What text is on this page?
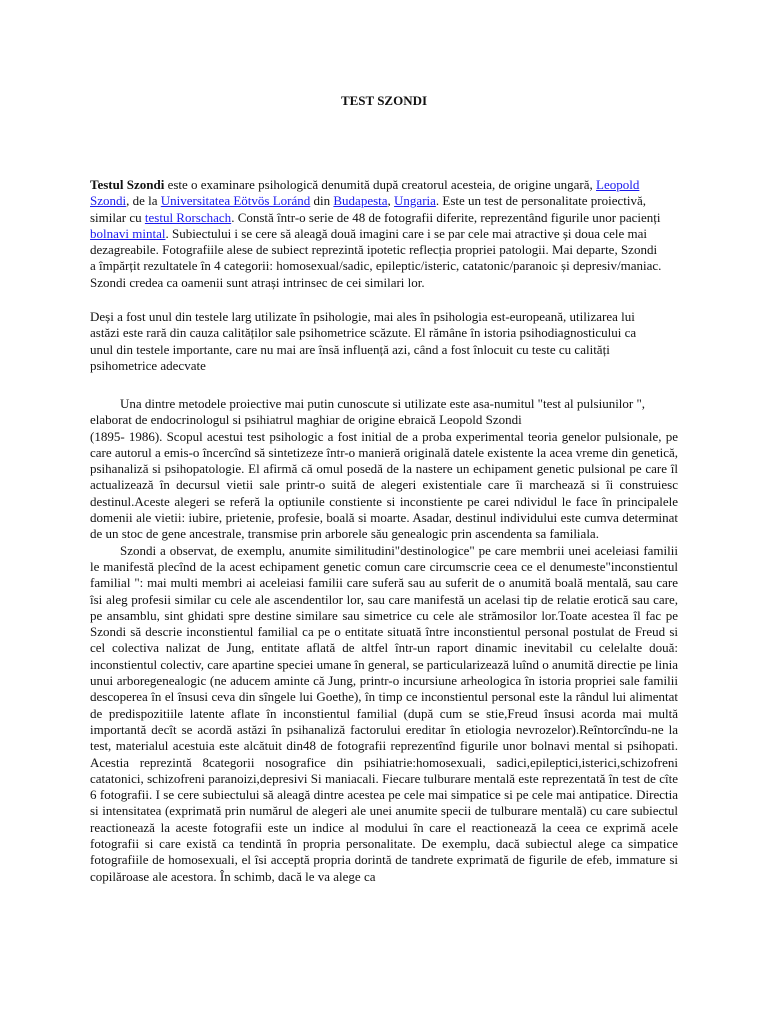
TEST SZONDI

Testul Szondi este o examinare psihologică denumită după creatorul acesteia, de origine ungară, Leopold Szondi, de la Universitatea Eötvös Loránd din Budapesta, Ungaria. Este un test de personalitate proiectivă, similar cu testul Rorschach. Constă într-o serie de 48 de fotografii diferite, reprezentând figurile unor pacienți bolnavi mintal. Subiectului i se cere să aleagă două imagini care i se par cele mai atractive și doua cele mai dezagreabile. Fotografiile alese de subiect reprezintă ipotetic reflecția propriei patologii. Mai departe, Szondi a împărțit rezultatele în 4 categorii: homosexual/sadic, epileptic/isteric, catatonic/paranoic și depresiv/maniac. Szondi credea ca oamenii sunt atrași intrinsec de cei similari lor.

Deși a fost unul din testele larg utilizate în psihologie, mai ales în psihologia est-europeană, utilizarea lui astăzi este rară din cauza calităților sale psihometrice scăzute. El rămâne în istoria psihodiagnosticului ca unul din testele importante, care nu mai are însă influență azi, când a fost înlocuit cu teste cu calități psihometrice adecvate

Una dintre metodele proiective mai putin cunoscute si utilizate este asa-numitul "test al pulsiunilor ", elaborat de endocrinologul si psihiatrul maghiar de origine ebraică Leopold Szondi

(1895- 1986). Scopul acestui test psihologic a fost initial de a proba experimental teoria genelor pulsionale, pe care autorul a emis-o încercînd să sintetizeze într-o manieră originală datele existente la acea vreme din genetică, psihanaliză si psihopatologie. El afirmă că omul posedă de la nastere un echipament genetic pulsional pe care îl actualizează în decursul vietii sale printr-o suită de alegeri existentiale care îi marchează si îi construiesc destinul.Aceste alegeri se referă la optiunile constiente si inconstiente pe carei ndividul le face în principalele domenii ale vietii: iubire, prietenie, profesie, boală si moarte. Asadar, destinul individului este cumva determinat de un stoc de gene ancestrale, transmise prin arborele său genealogic prin ascendenta sa familiala.

Szondi a observat, de exemplu, anumite similitudini"destinologice" pe care membrii unei aceleiasi familii le manifestă plecînd de la acest echipament genetic comun care circumscrie ceea ce el denumeste"inconstientul familial ": mai multi membri ai aceleiasi familii care suferă sau au suferit de o anumită boală mentală, sau care îsi aleg profesii similar cu cele ale ascendentilor lor, sau care manifestă un acelasi tip de relatie erotică sau care, pe ansamblu, sint ghidati spre destine similare sau simetrice cu cele ale strămosilor lor.Toate acestea îl fac pe Szondi să descrie inconstientul familial ca pe o entitate situată între inconstientul personal postulat de Freud si cel colectiva nalizat de Jung, entitate aflată de altfel într-un raport dinamic inevitabil cu celelalte două: inconstientul colectiv, care apartine speciei umane în general, se particularizează luînd o anumită directie pe linia unui arboregenealogic (ne aducem aminte că Jung, printr-o incursiune arheologica în istoria propriei sale familii descoperea în el însusi ceva din sîngele lui Goethe), în timp ce inconstientul personal este la rândul lui alimentat de predispozitiile latente aflate în inconstientul familial (după cum se stie,Freud însusi acorda mai multă importantă decît se acordă astăzi în psihanaliză factorului ereditar în etiologia nevrozelor).Reîntorcîndu-ne la test, materialul acestuia este alcătuit din48 de fotografii reprezentînd figurile unor bolnavi mental si psihopati. Acestia reprezintă 8categorii nosografice din psihiatrie:homosexuali, sadici,epileptici,isterici,schizofreni catatonici, schizofreni paranoizi,depresivi Si maniacali. Fiecare tulburare mentală este reprezentată în test de cîte 6 fotografii. I se cere subiectului să aleagă dintre acestea pe cele mai simpatice si pe cele mai antipatice. Directia si intensitatea (exprimată prin numărul de alegeri ale unei anumite specii de tulburare mentală) cu care subiectul reactionează la aceste fotografii este un indice al modului în care el reactionează la ceea ce exprimă acele fotografii si care există ca tendintă în propria personalitate. De exemplu, dacă subiectul alege ca simpatice fotografiile de homosexuali, el îsi acceptă propria dorintă de tandrete exprimată de figurile de efeb, immature si copilăroase ale acestora. În schimb, dacă le va alege ca
